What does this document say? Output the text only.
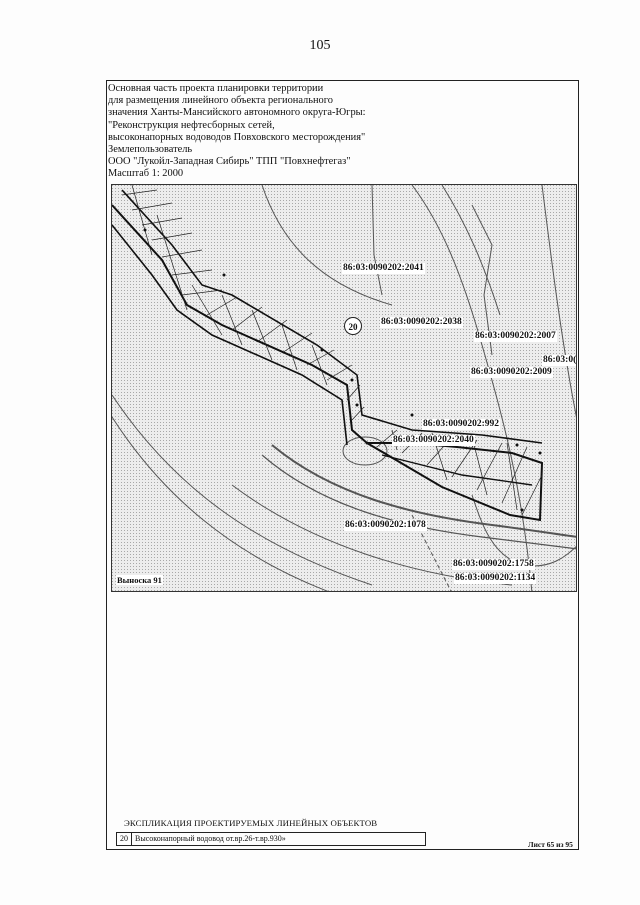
105
Основная часть проекта планировки территории
для размещения линейного объекта регионального
значения Ханты-Мансийского автономного округа-Югры:
"Реконструкция нефтесборных сетей,
высоконапорных водоводов Повховского месторождения"
Землепользователь
ООО "Лукойл-Западная Сибирь" ТПП "Повхнефтегаз"
Масштаб 1: 2000
86:03:0090202:2041
86:03:0090202:2038
86:03:0090202:2007
86:03:0(
86:03:0090202:2009
86:03:0090202:992
86:03:0090202:2040
86:03:0090202:1078
86:03:0090202:1758
86:03:0090202:1134
20
Выноска 91
ЭКСПЛИКАЦИЯ ПРОЕКТИРУЕМЫХ ЛИНЕЙНЫХ ОБЪЕКТОВ
20 Высоконапорный водовод от.вр.26-т.вр.930»
Лист 65 из 95
